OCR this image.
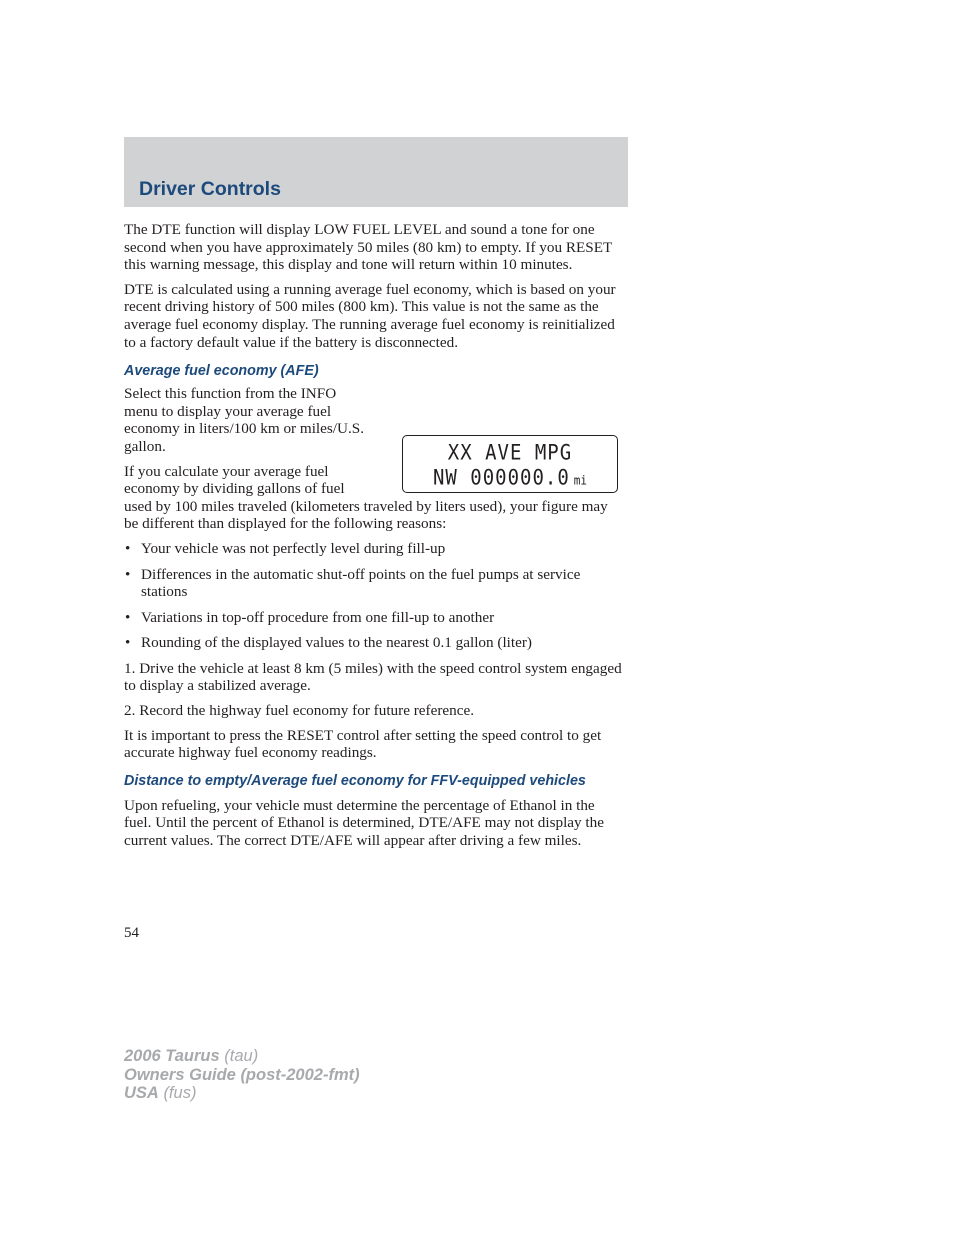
Driver Controls
XX AVE MPG
NW 000000.0 mi

The DTE function will display LOW FUEL LEVEL and sound a tone for one second when you have approximately 50 miles (80 km) to empty. If you RESET this warning message, this display and tone will return within 10 minutes.

DTE is calculated using a running average fuel economy, which is based on your recent driving history of 500 miles (800 km). This value is not the same as the average fuel economy display. The running average fuel economy is reinitialized to a factory default value if the battery is disconnected.

Average fuel economy (AFE)

Select this function from the INFO menu to display your average fuel economy in liters/100 km or miles/U.S. gallon.

If you calculate your average fuel economy by dividing gallons of fuel
used by 100 miles traveled (kilometers traveled by liters used), your figure may be different than displayed for the following reasons:

• Your vehicle was not perfectly level during fill-up
• Differences in the automatic shut-off points on the fuel pumps at service stations
• Variations in top-off procedure from one fill-up to another
• Rounding of the displayed values to the nearest 0.1 gallon (liter)

1. Drive the vehicle at least 8 km (5 miles) with the speed control system engaged to display a stabilized average.

2. Record the highway fuel economy for future reference.

It is important to press the RESET control after setting the speed control to get accurate highway fuel economy readings.

Distance to empty/Average fuel economy for FFV-equipped vehicles

Upon refueling, your vehicle must determine the percentage of Ethanol in the fuel. Until the percent of Ethanol is determined, DTE/AFE may not display the current values. The correct DTE/AFE will appear after driving a few miles.

54
2006 Taurus (tau)
Owners Guide (post-2002-fmt)
USA (fus)
